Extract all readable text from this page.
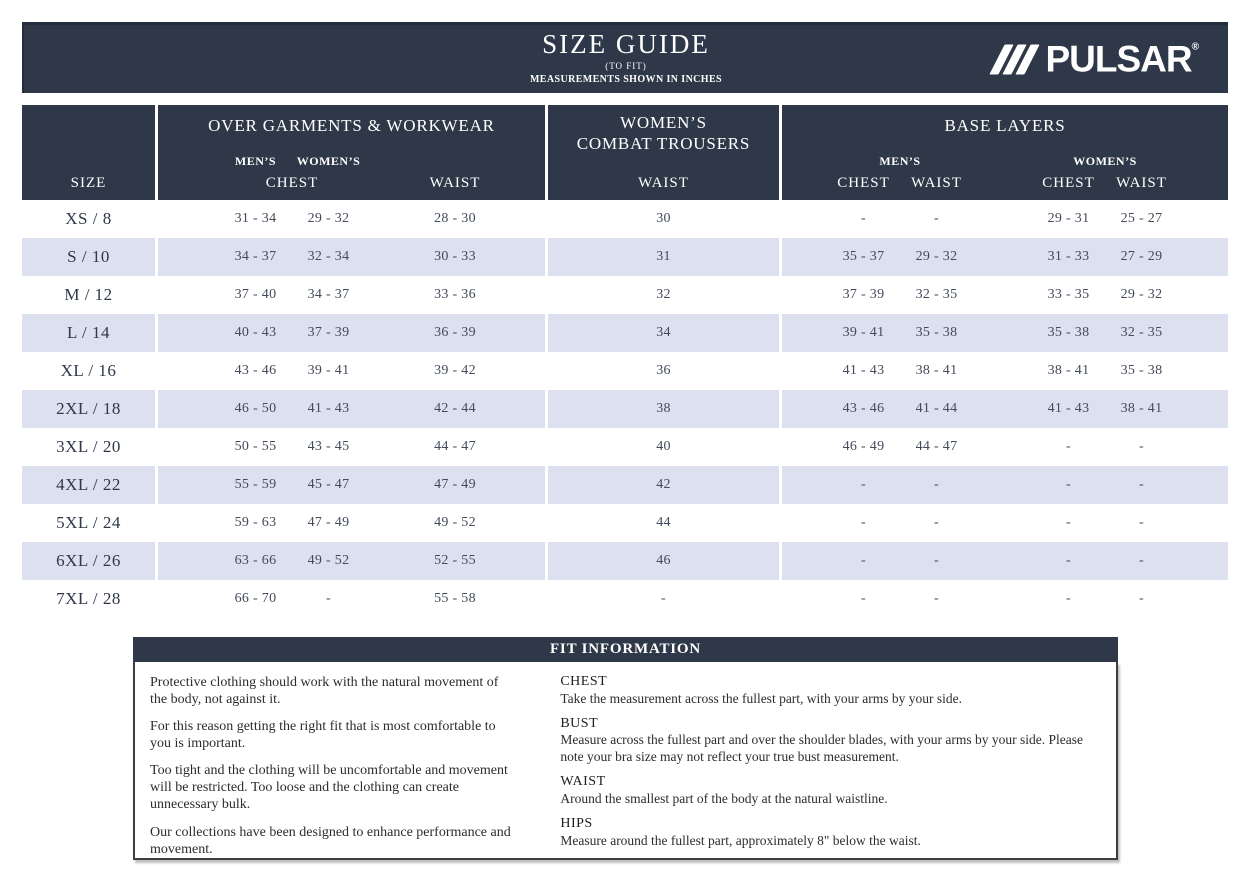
SIZE GUIDE
(TO FIT)
MEASUREMENTS SHOWN IN INCHES	PULSAR®
SIZE
OVER GARMENTS & WORKWEAR
MEN’S	WOMEN’S
CHEST	WAIST
WOMEN’S
COMBAT TROUSERS
WAIST
BASE LAYERS
MEN’S	WOMEN’S
CHEST	WAIST	CHEST	WAIST
XS / 8	31 - 34	29 - 32	28 - 30	30	-	-	29 - 31	25 - 27
S / 10	34 - 37	32 - 34	30 - 33	31	35 - 37	29 - 32	31 - 33	27 - 29
M / 12	37 - 40	34 - 37	33 - 36	32	37 - 39	32 - 35	33 - 35	29 - 32
L / 14	40 - 43	37 - 39	36 - 39	34	39 - 41	35 - 38	35 - 38	32 - 35
XL / 16	43 - 46	39 - 41	39 - 42	36	41 - 43	38 - 41	38 - 41	35 - 38
2XL / 18	46 - 50	41 - 43	42 - 44	38	43 - 46	41 - 44	41 - 43	38 - 41
3XL / 20	50 - 55	43 - 45	44 - 47	40	46 - 49	44 - 47	-	-
4XL / 22	55 - 59	45 - 47	47 - 49	42	-	-	-	-
5XL / 24	59 - 63	47 - 49	49 - 52	44	-	-	-	-
6XL / 26	63 - 66	49 - 52	52 - 55	46	-	-	-	-
7XL / 28	66 - 70	-	55 - 58	-	-	-	-	-
FIT INFORMATION

Protective clothing should work with the natural movement of the body, not against it.

For this reason getting the right fit that is most comfortable to you is important.

Too tight and the clothing will be uncomfortable and movement will be restricted. Too loose and the clothing can create unnecessary bulk.

Our collections have been designed to enhance performance and movement.

CHEST
Take the measurement across the fullest part, with your arms by your side.
BUST
Measure across the fullest part and over the shoulder blades, with your arms by your side. Please note your bra size may not reflect your true bust measurement.
WAIST
Around the smallest part of the body at the natural waistline.
HIPS
Measure around the fullest part, approximately 8" below the waist.
